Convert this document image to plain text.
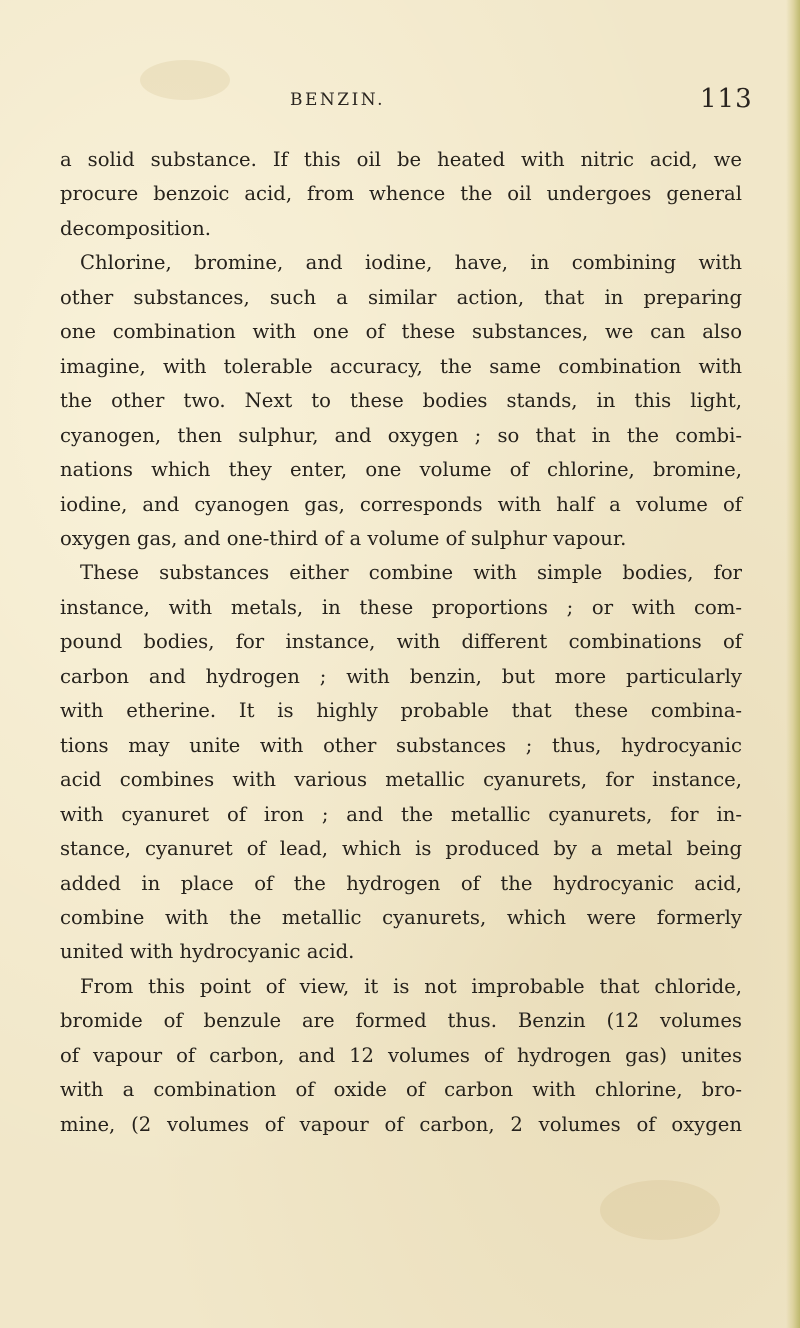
BENZIN.	113

a solid substance. If this oil be heated with nitric acid, we
procure benzoic acid, from whence the oil undergoes general
decomposition.

Chlorine, bromine, and iodine, have, in combining with
other substances, such a similar action, that in preparing
one combination with one of these substances, we can also
imagine, with tolerable accuracy, the same combination with
the other two. Next to these bodies stands, in this light,
cyanogen, then sulphur, and oxygen ; so that in the combi-
nations which they enter, one volume of chlorine, bromine,
iodine, and cyanogen gas, corresponds with half a volume of
oxygen gas, and one-third of a volume of sulphur vapour.

These substances either combine with simple bodies, for
instance, with metals, in these proportions ; or with com-
pound bodies, for instance, with different combinations of
carbon and hydrogen ; with benzin, but more particularly
with etherine. It is highly probable that these combina-
tions may unite with other substances ; thus, hydrocyanic
acid combines with various metallic cyanurets, for instance,
with cyanuret of iron ; and the metallic cyanurets, for in-
stance, cyanuret of lead, which is produced by a metal being
added in place of the hydrogen of the hydrocyanic acid,
combine with the metallic cyanurets, which were formerly
united with hydrocyanic acid.

From this point of view, it is not improbable that chloride,
bromide of benzule are formed thus. Benzin (12 volumes
of vapour of carbon, and 12 volumes of hydrogen gas) unites
with a combination of oxide of carbon with chlorine, bro-
mine, (2 volumes of vapour of carbon, 2 volumes of oxygen
